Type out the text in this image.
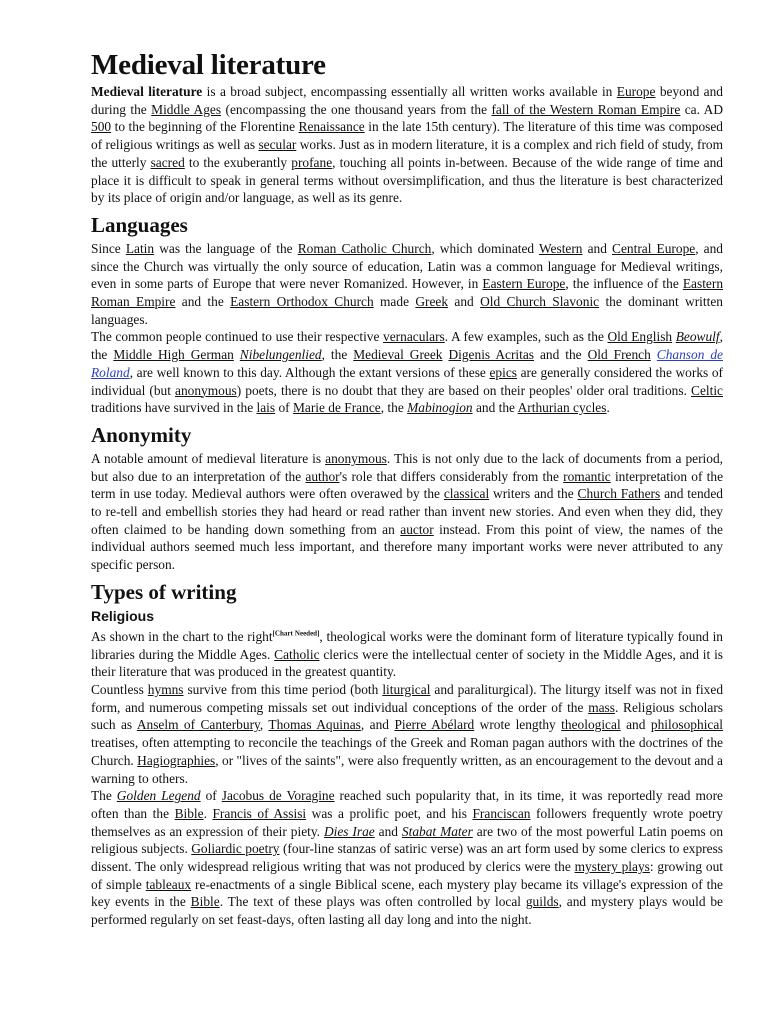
Medieval literature

Medieval literature is a broad subject, encompassing essentially all written works available in Europe beyond and during the Middle Ages (encompassing the one thousand years from the fall of the Western Roman Empire ca. AD 500 to the beginning of the Florentine Renaissance in the late 15th century). The literature of this time was composed of religious writings as well as secular works. Just as in modern literature, it is a complex and rich field of study, from the utterly sacred to the exuberantly profane, touching all points in-between. Because of the wide range of time and place it is difficult to speak in general terms without oversimplification, and thus the literature is best characterized by its place of origin and/or language, as well as its genre.

Languages

Since Latin was the language of the Roman Catholic Church, which dominated Western and Central Europe, and since the Church was virtually the only source of education, Latin was a common language for Medieval writings, even in some parts of Europe that were never Romanized. However, in Eastern Europe, the influence of the Eastern Roman Empire and the Eastern Orthodox Church made Greek and Old Church Slavonic the dominant written languages.

The common people continued to use their respective vernaculars. A few examples, such as the Old English Beowulf, the Middle High German Nibelungenlied, the Medieval Greek Digenis Acritas and the Old French Chanson de Roland, are well known to this day. Although the extant versions of these epics are generally considered the works of individual (but anonymous) poets, there is no doubt that they are based on their peoples' older oral traditions. Celtic traditions have survived in the lais of Marie de France, the Mabinogion and the Arthurian cycles.

Anonymity

A notable amount of medieval literature is anonymous. This is not only due to the lack of documents from a period, but also due to an interpretation of the author's role that differs considerably from the romantic interpretation of the term in use today. Medieval authors were often overawed by the classical writers and the Church Fathers and tended to re-tell and embellish stories they had heard or read rather than invent new stories. And even when they did, they often claimed to be handing down something from an auctor instead. From this point of view, the names of the individual authors seemed much less important, and therefore many important works were never attributed to any specific person.

Types of writing
Religious

As shown in the chart to the right[Chart Needed], theological works were the dominant form of literature typically found in libraries during the Middle Ages. Catholic clerics were the intellectual center of society in the Middle Ages, and it is their literature that was produced in the greatest quantity.

Countless hymns survive from this time period (both liturgical and paraliturgical). The liturgy itself was not in fixed form, and numerous competing missals set out individual conceptions of the order of the mass. Religious scholars such as Anselm of Canterbury, Thomas Aquinas, and Pierre Abélard wrote lengthy theological and philosophical treatises, often attempting to reconcile the teachings of the Greek and Roman pagan authors with the doctrines of the Church. Hagiographies, or "lives of the saints", were also frequently written, as an encouragement to the devout and a warning to others.

The Golden Legend of Jacobus de Voragine reached such popularity that, in its time, it was reportedly read more often than the Bible. Francis of Assisi was a prolific poet, and his Franciscan followers frequently wrote poetry themselves as an expression of their piety. Dies Irae and Stabat Mater are two of the most powerful Latin poems on religious subjects. Goliardic poetry (four-line stanzas of satiric verse) was an art form used by some clerics to express dissent. The only widespread religious writing that was not produced by clerics were the mystery plays: growing out of simple tableaux re-enactments of a single Biblical scene, each mystery play became its village's expression of the key events in the Bible. The text of these plays was often controlled by local guilds, and mystery plays would be performed regularly on set feast-days, often lasting all day long and into the night.
